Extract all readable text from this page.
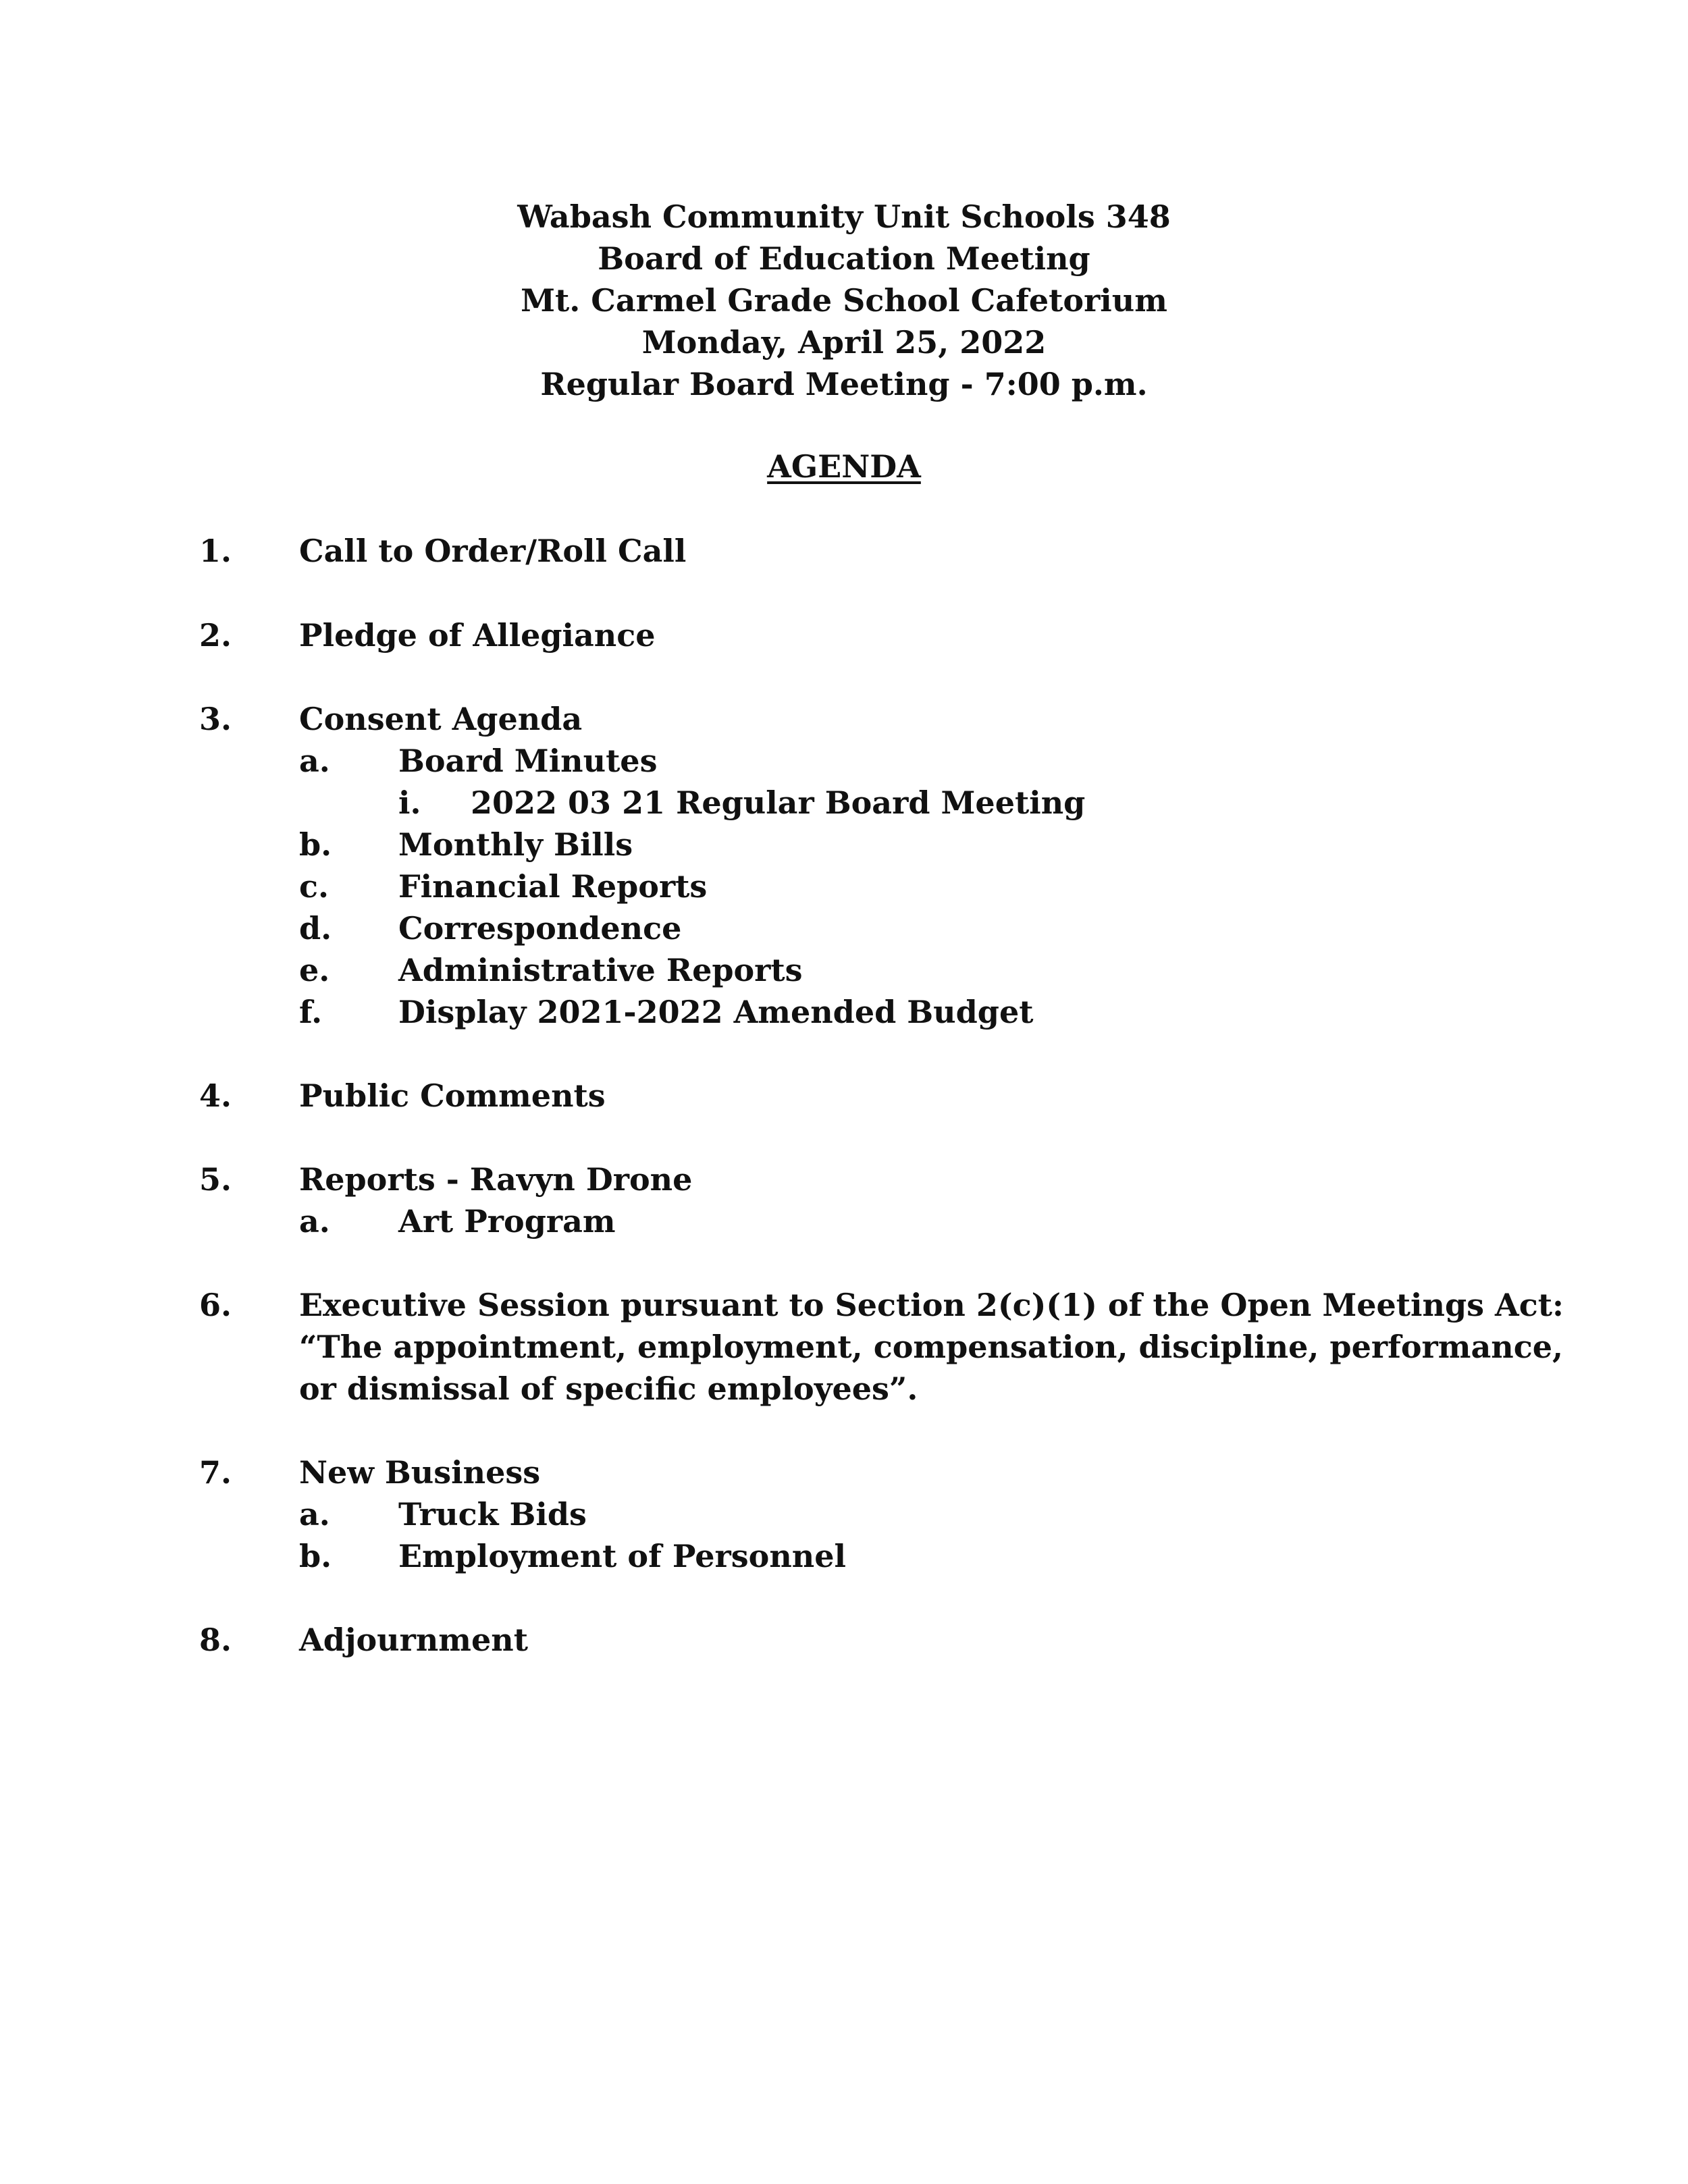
Wabash Community Unit Schools 348
Board of Education Meeting
Mt. Carmel Grade School Cafetorium
Monday, April 25, 2022
Regular Board Meeting - 7:00 p.m.
AGENDA
1. Call to Order/Roll Call
2. Pledge of Allegiance
3. Consent Agenda
a. Board Minutes
i. 2022 03 21 Regular Board Meeting
b. Monthly Bills
c. Financial Reports
d. Correspondence
e. Administrative Reports
f. Display 2021-2022 Amended Budget
4. Public Comments
5. Reports - Ravyn Drone
a. Art Program
6. Executive Session pursuant to Section 2(c)(1) of the Open Meetings Act:
“The appointment, employment, compensation, discipline, performance,
or dismissal of specific employees”.
7. New Business
a. Truck Bids
b. Employment of Personnel
8. Adjournment
